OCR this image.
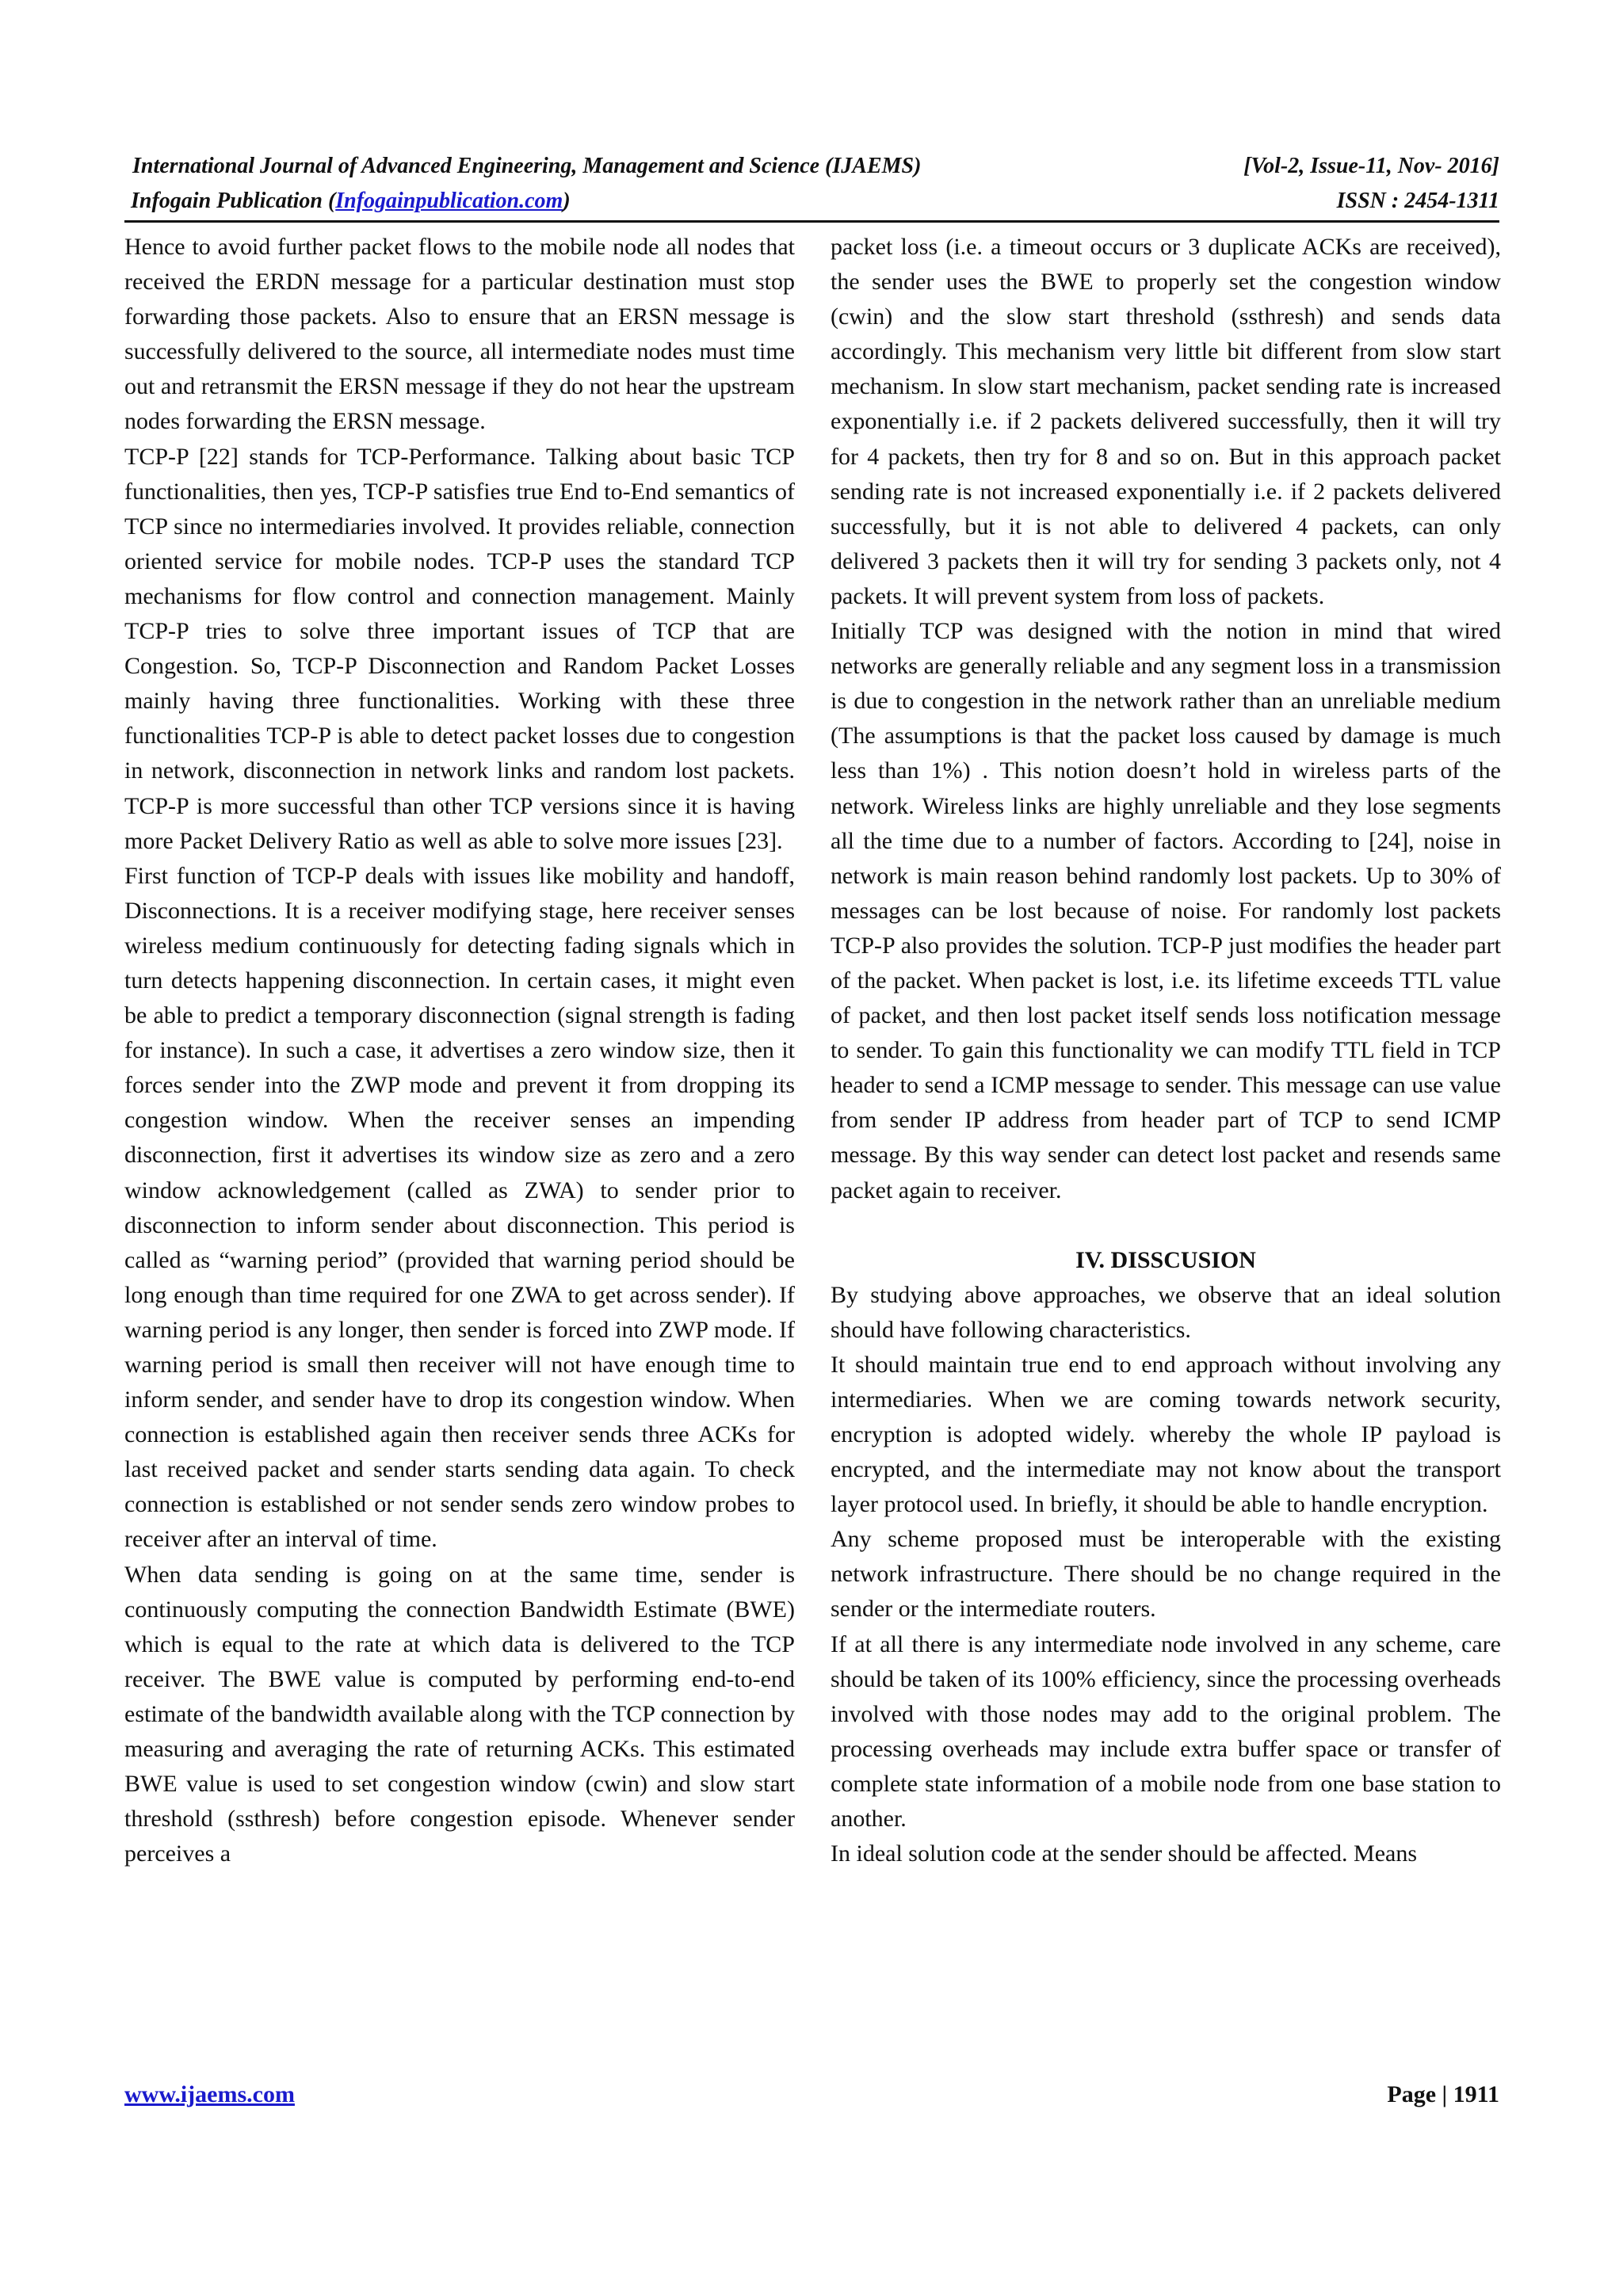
International Journal of Advanced Engineering, Management and Science (IJAEMS)	[Vol-2, Issue-11, Nov- 2016]
Infogain Publication (Infogainpublication.com)	ISSN : 2454-1311

Hence to avoid further packet flows to the mobile node all nodes that received the ERDN message for a particular destination must stop forwarding those packets. Also to ensure that an ERSN message is successfully delivered to the source, all intermediate nodes must time out and retransmit the ERSN message if they do not hear the upstream nodes forwarding the ERSN message.

TCP-P [22] stands for TCP-Performance. Talking about basic TCP functionalities, then yes, TCP-P satisfies true End to-End semantics of TCP since no intermediaries involved. It provides reliable, connection oriented service for mobile nodes. TCP-P uses the standard TCP mechanisms for flow control and connection management. Mainly TCP-P tries to solve three important issues of TCP that are Congestion. So, TCP-P Disconnection and Random Packet Losses mainly having three functionalities. Working with these three functionalities TCP-P is able to detect packet losses due to congestion in network, disconnection in network links and random lost packets. TCP-P is more successful than other TCP versions since it is having more Packet Delivery Ratio as well as able to solve more issues [23].

First function of TCP-P deals with issues like mobility and handoff, Disconnections. It is a receiver modifying stage, here receiver senses wireless medium continuously for detecting fading signals which in turn detects happening disconnection. In certain cases, it might even be able to predict a temporary disconnection (signal strength is fading for instance). In such a case, it advertises a zero window size, then it forces sender into the ZWP mode and prevent it from dropping its congestion window. When the receiver senses an impending disconnection, first it advertises its window size as zero and a zero window acknowledgement (called as ZWA) to sender prior to disconnection to inform sender about disconnection. This period is called as “warning period” (provided that warning period should be long enough than time required for one ZWA to get across sender). If warning period is any longer, then sender is forced into ZWP mode. If warning period is small then receiver will not have enough time to inform sender, and sender have to drop its congestion window. When connection is established again then receiver sends three ACKs for last received packet and sender starts sending data again. To check connection is established or not sender sends zero window probes to receiver after an interval of time.

When data sending is going on at the same time, sender is continuously computing the connection Bandwidth Estimate (BWE) which is equal to the rate at which data is delivered to the TCP receiver. The BWE value is computed by performing end-to-end estimate of the bandwidth available along with the TCP connection by measuring and averaging the rate of returning ACKs. This estimated BWE value is used to set congestion window (cwin) and slow start threshold (ssthresh) before congestion episode. Whenever sender perceives a

packet loss (i.e. a timeout occurs or 3 duplicate ACKs are received), the sender uses the BWE to properly set the congestion window (cwin) and the slow start threshold (ssthresh) and sends data accordingly. This mechanism very little bit different from slow start mechanism. In slow start mechanism, packet sending rate is increased exponentially i.e. if 2 packets delivered successfully, then it will try for 4 packets, then try for 8 and so on. But in this approach packet sending rate is not increased exponentially i.e. if 2 packets delivered successfully, but it is not able to delivered 4 packets, can only delivered 3 packets then it will try for sending 3 packets only, not 4 packets. It will prevent system from loss of packets.

Initially TCP was designed with the notion in mind that wired networks are generally reliable and any segment loss in a transmission is due to congestion in the network rather than an unreliable medium (The assumptions is that the packet loss caused by damage is much less than 1%) . This notion doesn’t hold in wireless parts of the network. Wireless links are highly unreliable and they lose segments all the time due to a number of factors. According to [24], noise in network is main reason behind randomly lost packets. Up to 30% of messages can be lost because of noise. For randomly lost packets TCP-P also provides the solution. TCP-P just modifies the header part of the packet. When packet is lost, i.e. its lifetime exceeds TTL value of packet, and then lost packet itself sends loss notification message to sender. To gain this functionality we can modify TTL field in TCP header to send a ICMP message to sender. This message can use value from sender IP address from header part of TCP to send ICMP message. By this way sender can detect lost packet and resends same packet again to receiver.

IV. DISSCUSION

By studying above approaches, we observe that an ideal solution should have following characteristics.

It should maintain true end to end approach without involving any intermediaries. When we are coming towards network security, encryption is adopted widely. whereby the whole IP payload is encrypted, and the intermediate may not know about the transport layer protocol used. In briefly, it should be able to handle encryption.

Any scheme proposed must be interoperable with the existing network infrastructure. There should be no change required in the sender or the intermediate routers.

If at all there is any intermediate node involved in any scheme, care should be taken of its 100% efficiency, since the processing overheads involved with those nodes may add to the original problem. The processing overheads may include extra buffer space or transfer of complete state information of a mobile node from one base station to another.

In ideal solution code at the sender should be affected. Means

www.ijaems.com	Page | 1911
